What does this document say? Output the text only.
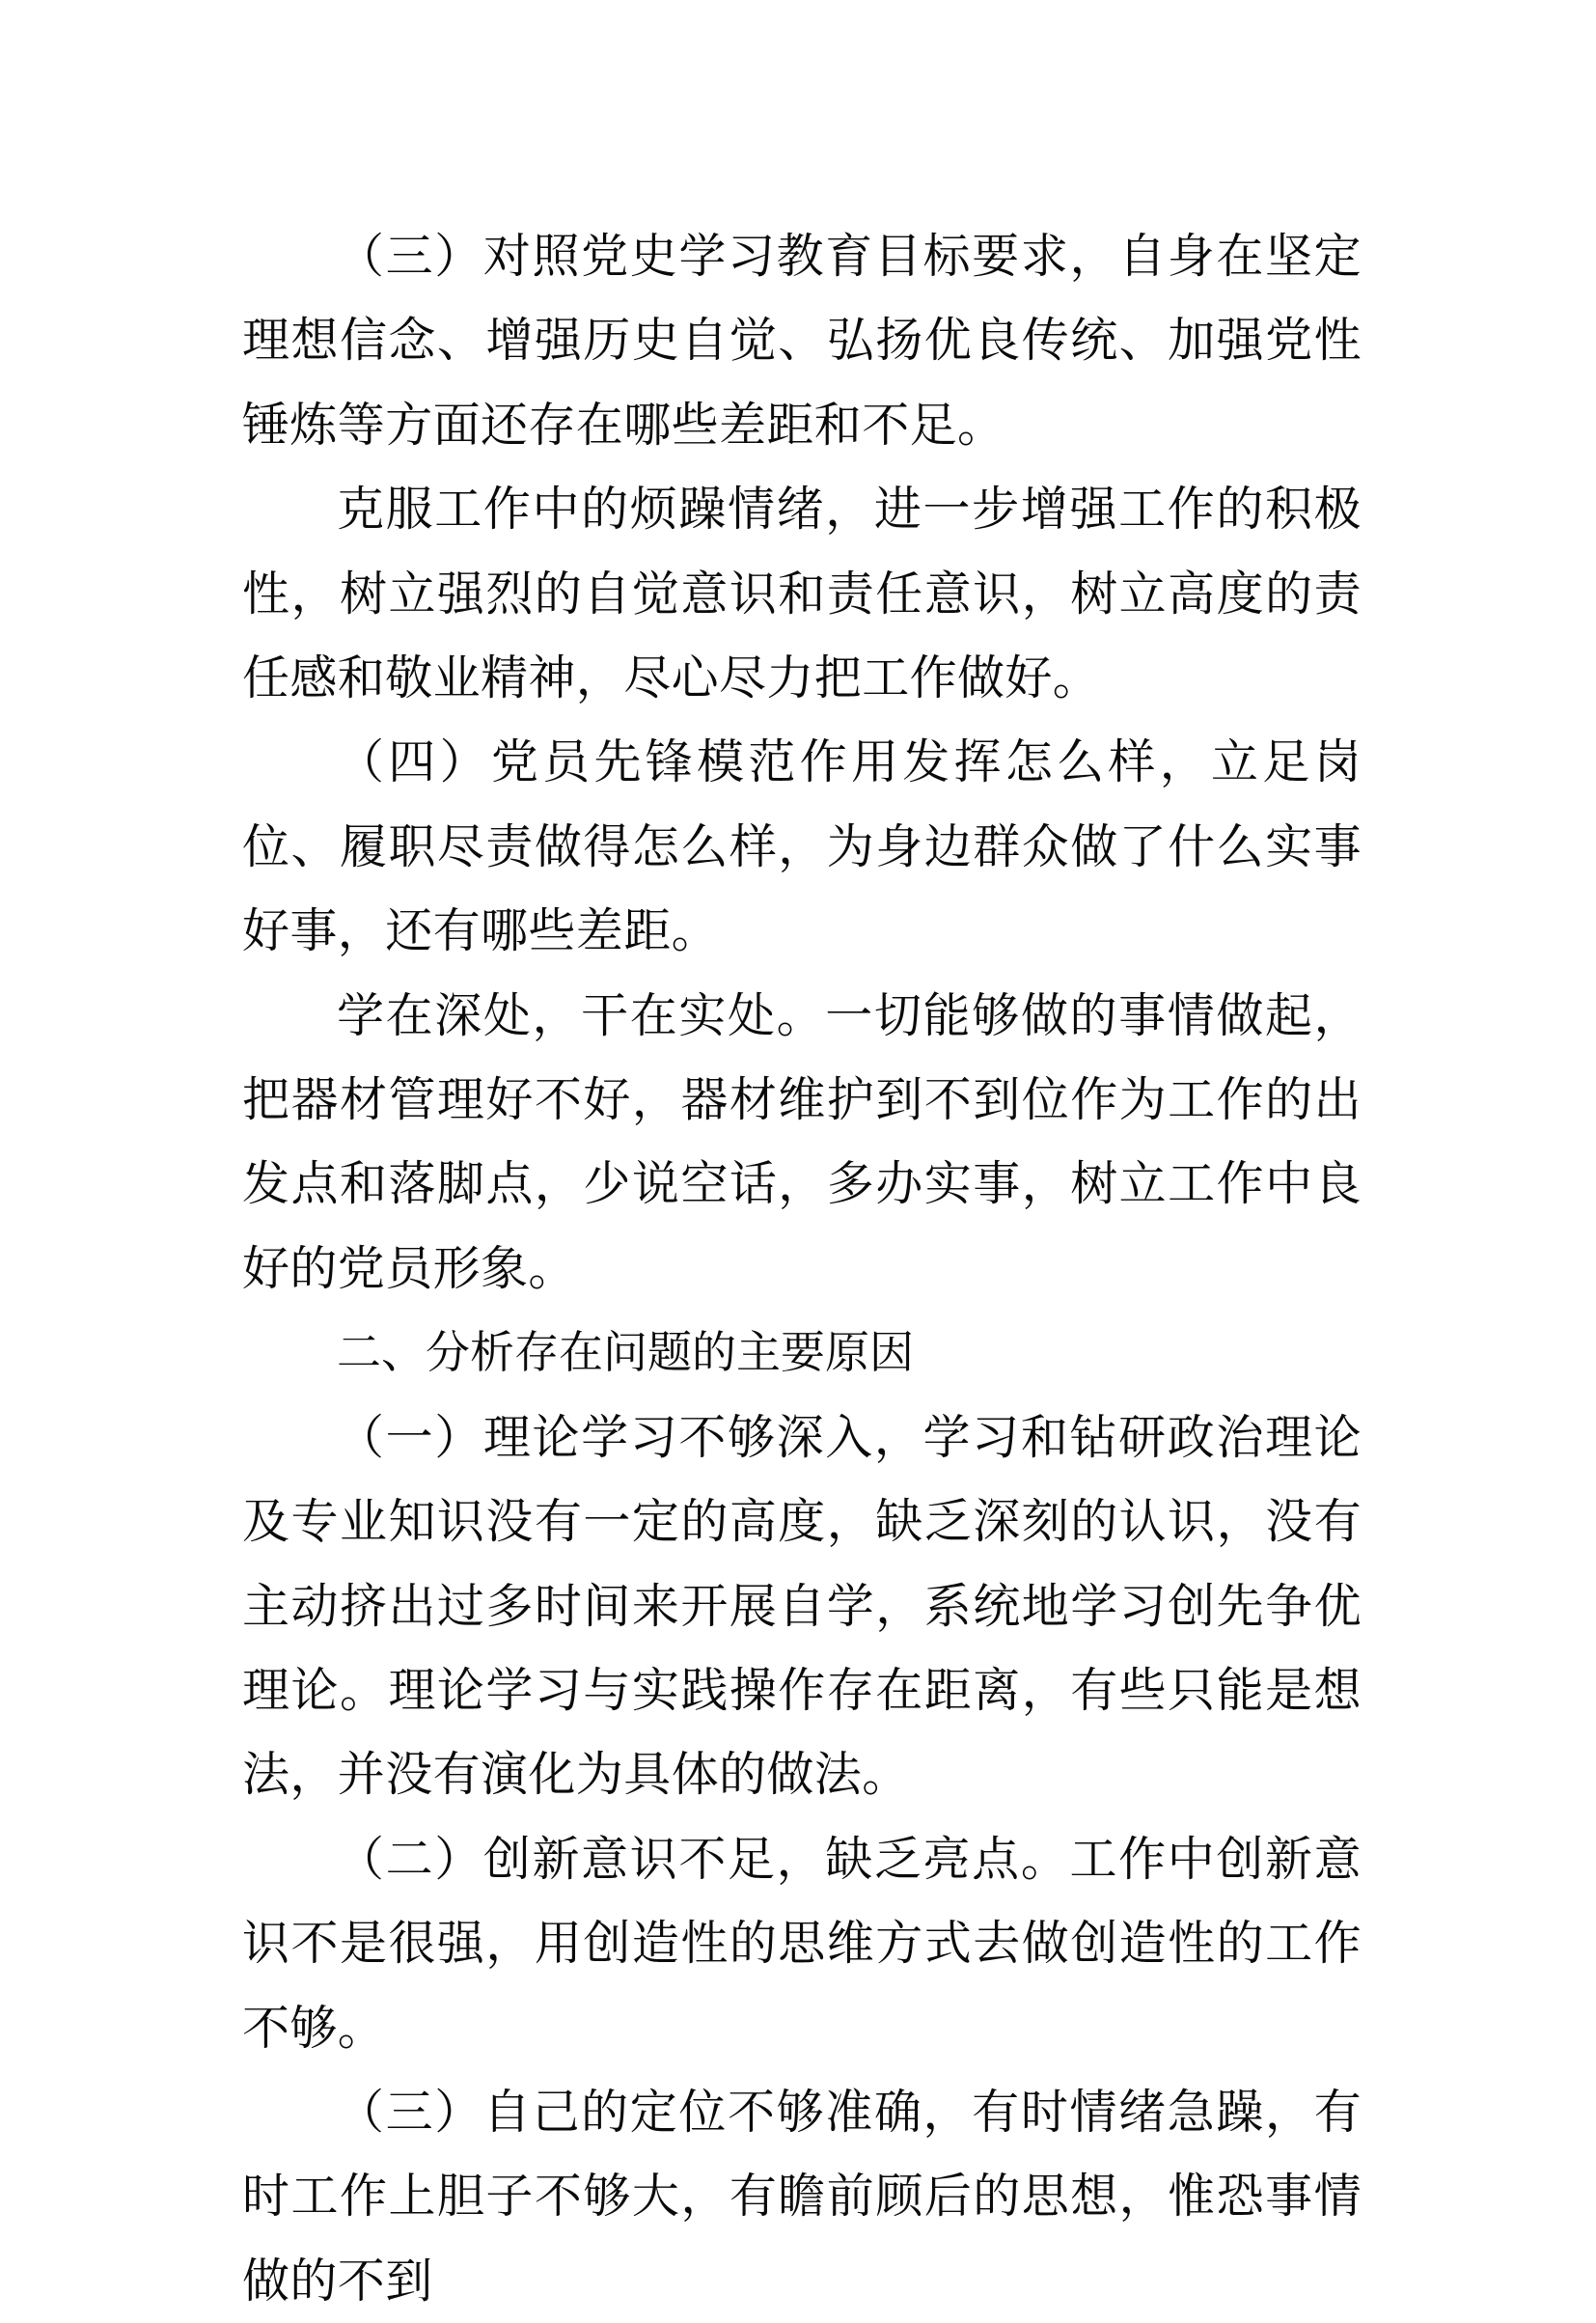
（三）对照党史学习教育目标要求，自身在坚定理想信念、增强历史自觉、弘扬优良传统、加强党性锤炼等方面还存在哪些差距和不足。

克服工作中的烦躁情绪，进一步增强工作的积极性，树立强烈的自觉意识和责任意识，树立高度的责任感和敬业精神，尽心尽力把工作做好。

（四）党员先锋模范作用发挥怎么样，立足岗位、履职尽责做得怎么样，为身边群众做了什么实事好事，还有哪些差距。

学在深处，干在实处。一切能够做的事情做起，把器材管理好不好，器材维护到不到位作为工作的出发点和落脚点，少说空话，多办实事，树立工作中良好的党员形象。

二、分析存在问题的主要原因

（一）理论学习不够深入，学习和钻研政治理论及专业知识没有一定的高度，缺乏深刻的认识，没有主动挤出过多时间来开展自学，系统地学习创先争优理论。理论学习与实践操作存在距离，有些只能是想法，并没有演化为具体的做法。

（二）创新意识不足，缺乏亮点。工作中创新意识不是很强，用创造性的思维方式去做创造性的工作不够。

（三）自己的定位不够准确，有时情绪急躁，有时工作上胆子不够大，有瞻前顾后的思想，惟恐事情做的不到
